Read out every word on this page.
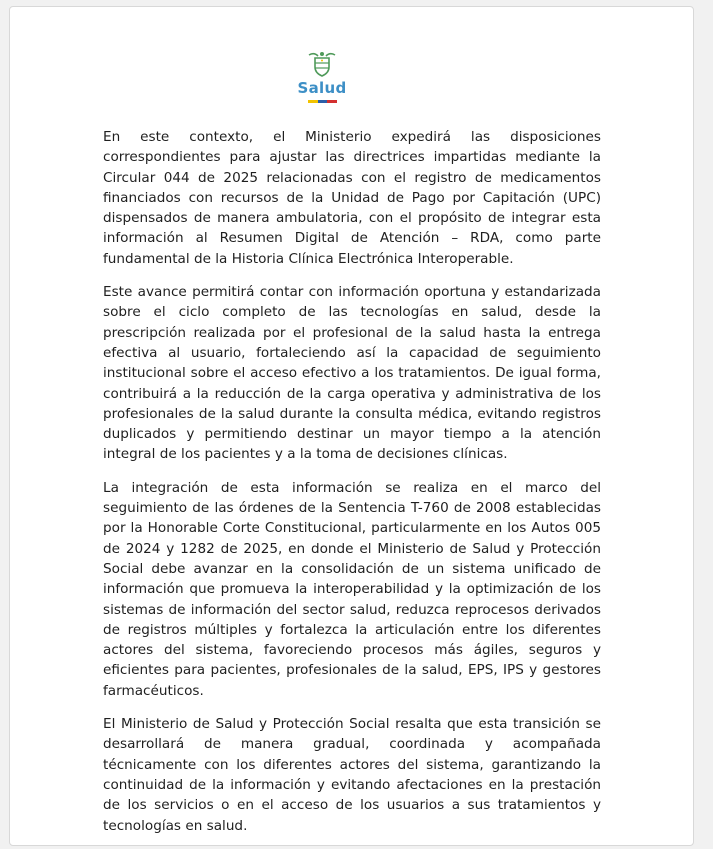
Salud

En este contexto, el Ministerio expedirá las disposiciones correspondientes para ajustar las directrices impartidas mediante la Circular 044 de 2025 relacionadas con el registro de medicamentos financiados con recursos de la Unidad de Pago por Capitación (UPC) dispensados de manera ambulatoria, con el propósito de integrar esta información al Resumen Digital de Atención – RDA, como parte fundamental de la Historia Clínica Electrónica Interoperable.

Este avance permitirá contar con información oportuna y estandarizada sobre el ciclo completo de las tecnologías en salud, desde la prescripción realizada por el profesional de la salud hasta la entrega efectiva al usuario, fortaleciendo así la capacidad de seguimiento institucional sobre el acceso efectivo a los tratamientos. De igual forma, contribuirá a la reducción de la carga operativa y administrativa de los profesionales de la salud durante la consulta médica, evitando registros duplicados y permitiendo destinar un mayor tiempo a la atención integral de los pacientes y a la toma de decisiones clínicas.

La integración de esta información se realiza en el marco del seguimiento de las órdenes de la Sentencia T-760 de 2008 establecidas por la Honorable Corte Constitucional, particularmente en los Autos 005 de 2024 y 1282 de 2025, en donde el Ministerio de Salud y Protección Social debe avanzar en la consolidación de un sistema unificado de información que promueva la interoperabilidad y la optimización de los sistemas de información del sector salud, reduzca reprocesos derivados de registros múltiples y fortalezca la articulación entre los diferentes actores del sistema, favoreciendo procesos más ágiles, seguros y eficientes para pacientes, profesionales de la salud, EPS, IPS y gestores farmacéuticos.

El Ministerio de Salud y Protección Social resalta que esta transición se desarrollará de manera gradual, coordinada y acompañada técnicamente con los diferentes actores del sistema, garantizando la continuidad de la información y evitando afectaciones en la prestación de los servicios o en el acceso de los usuarios a sus tratamientos y tecnologías en salud.
